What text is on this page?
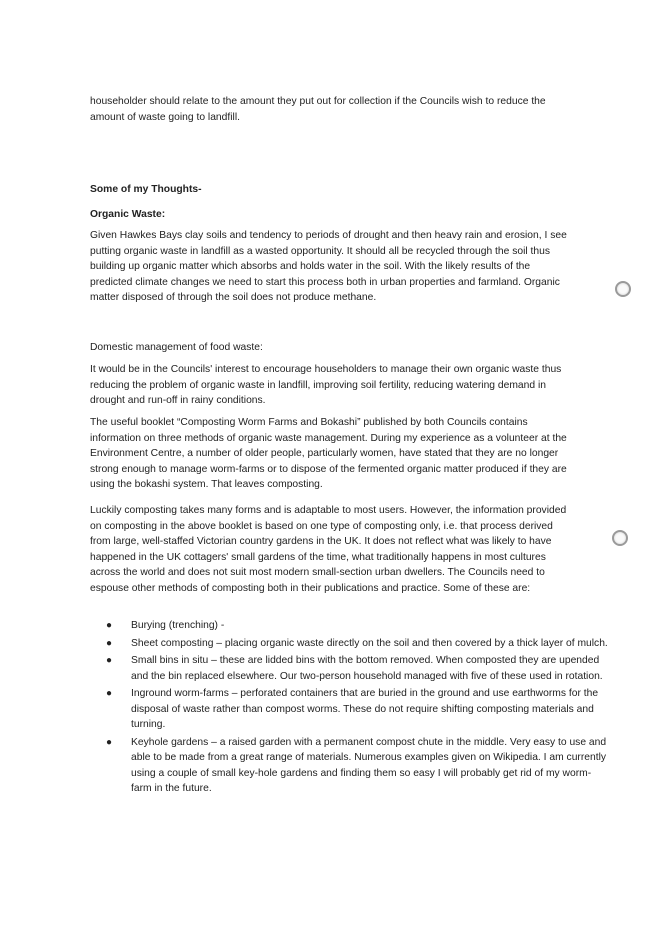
householder should relate to the amount they put out for collection if the Councils wish to reduce the amount of waste going to landfill.

Some of my Thoughts-

Organic Waste:

Given Hawkes Bays clay soils and tendency to periods of drought and then heavy rain and erosion, I see putting organic waste in landfill as a wasted opportunity. It should all be recycled through the soil thus building up organic matter which absorbs and holds water in the soil. With the likely results of the predicted climate changes we need to start this process both in urban properties and farmland. Organic matter disposed of through the soil does not produce methane.

Domestic management of food waste:

It would be in the Councils' interest to encourage householders to manage their own organic waste thus reducing the problem of organic waste in landfill, improving soil fertility, reducing watering demand in drought and run-off in rainy conditions.

The useful booklet “Composting Worm Farms and Bokashi” published by both Councils contains information on three methods of organic waste management. During my experience as a volunteer at the Environment Centre, a number of older people, particularly women, have stated that they are no longer strong enough to manage worm-farms or to dispose of the fermented organic matter produced if they are using the bokashi system. That leaves composting.

Luckily composting takes many forms and is adaptable to most users. However, the information provided on composting in the above booklet is based on one type of composting only, i.e. that process derived from large, well-staffed Victorian country gardens in the UK. It does not reflect what was likely to have happened in the UK cottagers' small gardens of the time, what traditionally happens in most cultures across the world and does not suit most modern small-section urban dwellers. The Councils need to espouse other methods of composting both in their publications and practice. Some of these are:

● Burying (trenching) -
● Sheet composting – placing organic waste directly on the soil and then covered by a thick layer of mulch.
● Small bins in situ – these are lidded bins with the bottom removed. When composted they are upended and the bin replaced elsewhere. Our two-person household managed with five of these used in rotation.
● Inground worm-farms – perforated containers that are buried in the ground and use earthworms for the disposal of waste rather than compost worms. These do not require shifting composting materials and turning.
● Keyhole gardens – a raised garden with a permanent compost chute in the middle. Very easy to use and able to be made from a great range of materials. Numerous examples given on Wikipedia. I am currently using a couple of small key-hole gardens and finding them so easy I will probably get rid of my worm-farm in the future.
